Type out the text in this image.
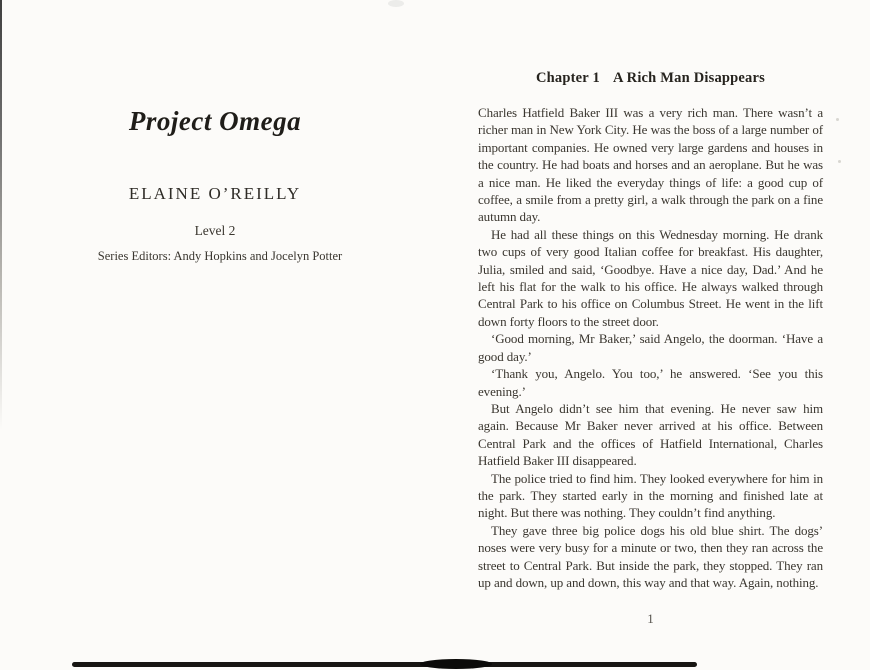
Project Omega
ELAINE O’REILLY
Level 2
Series Editors: Andy Hopkins and Jocelyn Potter
Chapter 1 A Rich Man Disappears

Charles Hatfield Baker III was a very rich man. There wasn’t a richer man in New York City. He was the boss of a large number of important companies. He owned very large gardens and houses in the country. He had boats and horses and an aeroplane. But he was a nice man. He liked the everyday things of life: a good cup of coffee, a smile from a pretty girl, a walk through the park on a fine autumn day.

He had all these things on this Wednesday morning. He drank two cups of very good Italian coffee for breakfast. His daughter, Julia, smiled and said, ‘Goodbye. Have a nice day, Dad.’ And he left his flat for the walk to his office. He always walked through Central Park to his office on Columbus Street. He went in the lift down forty floors to the street door.

‘Good morning, Mr Baker,’ said Angelo, the doorman. ‘Have a good day.’

‘Thank you, Angelo. You too,’ he answered. ‘See you this evening.’

But Angelo didn’t see him that evening. He never saw him again. Because Mr Baker never arrived at his office. Between Central Park and the offices of Hatfield International, Charles Hatfield Baker III disappeared.

The police tried to find him. They looked everywhere for him in the park. They started early in the morning and finished late at night. But there was nothing. They couldn’t find anything.

They gave three big police dogs his old blue shirt. The dogs’ noses were very busy for a minute or two, then they ran across the street to Central Park. But inside the park, they stopped. They ran up and down, up and down, this way and that way. Again, nothing.

1
